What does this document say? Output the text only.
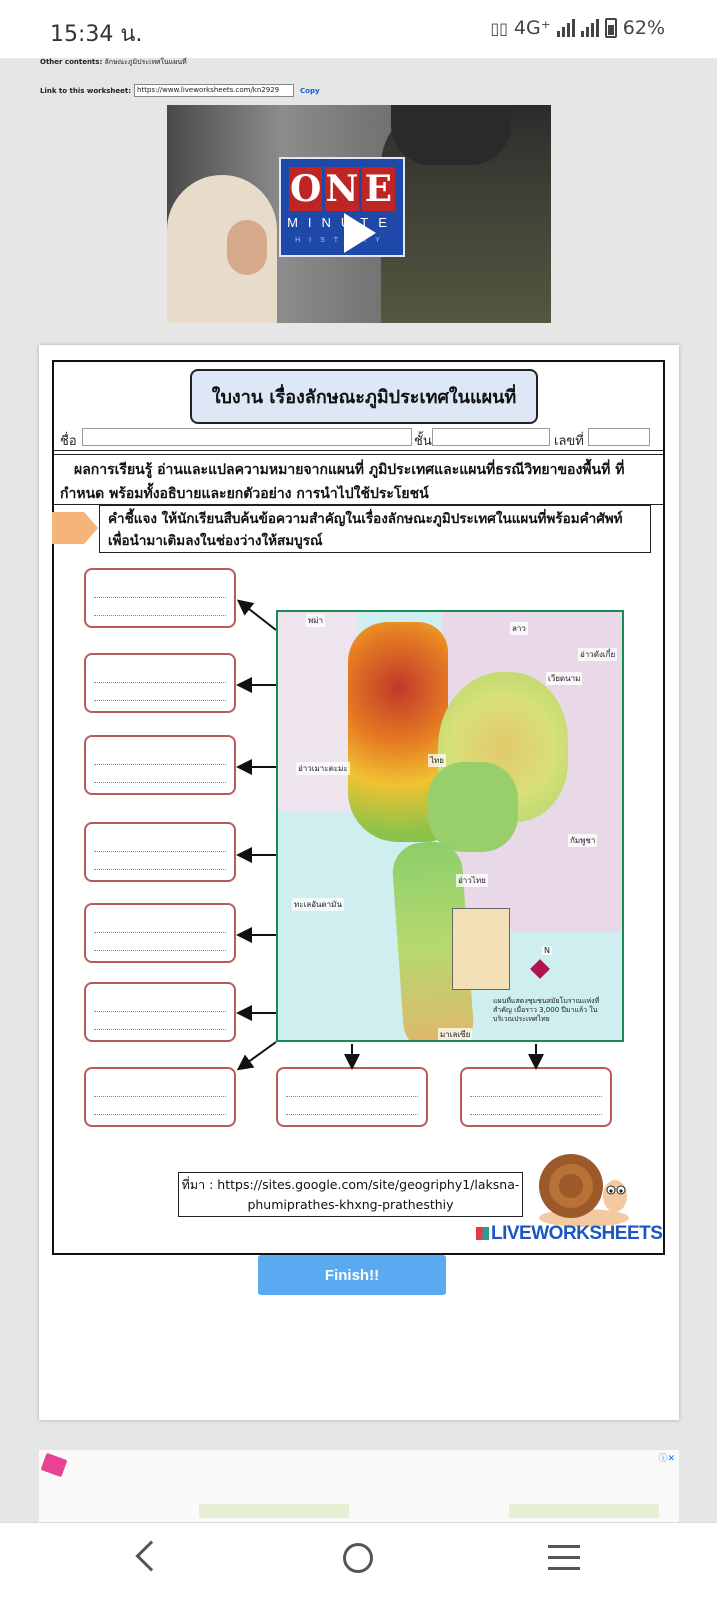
15:34 น.	▯▯ 4G⁺	62%
Other contents: ลักษณะภูมิประเทศในแผนที่
Link to this worksheet: https://www.liveworksheets.com/kn2929	Copy
O N E
MINUTE
HISTORY
ใบงาน เรื่องลักษณะภูมิประเทศในแผนที่
ชื่อ	ชั้น	เลขที่
ผลการเรียนรู้ อ่านและแปลความหมายจากแผนที่ ภูมิประเทศและแผนที่ธรณีวิทยาของพื้นที่ ที่กำหนด พร้อมทั้งอธิบายและยกตัวอย่าง การนำไปใช้ประโยชน์
คำชี้แจง ให้นักเรียนสืบค้นข้อความสำคัญในเรื่องลักษณะภูมิประเทศในแผนที่พร้อมคำศัพท์เพื่อนำมาเติมลงในช่องว่างให้สมบูรณ์
พม่า
ลาว
อ่าวตังเกี๋ย
เวียดนาม
ไทย
กัมพูชา
อ่าวเมาะตะมะ
อ่าวไทย
ทะเลอันดามัน
มาเลเซีย
N
แผนที่แสดงชุมชนสมัยโบราณแห่งที่สำคัญ เมื่อราว 3,000 ปีมาแล้ว ในบริเวณประเทศไทย
ที่มา : https://sites.google.com/site/geogriphy1/laksna-phumiprathes-khxng-prathesthiy
LIVEWORKSHEETS
Finish!!
ⓘ✕
